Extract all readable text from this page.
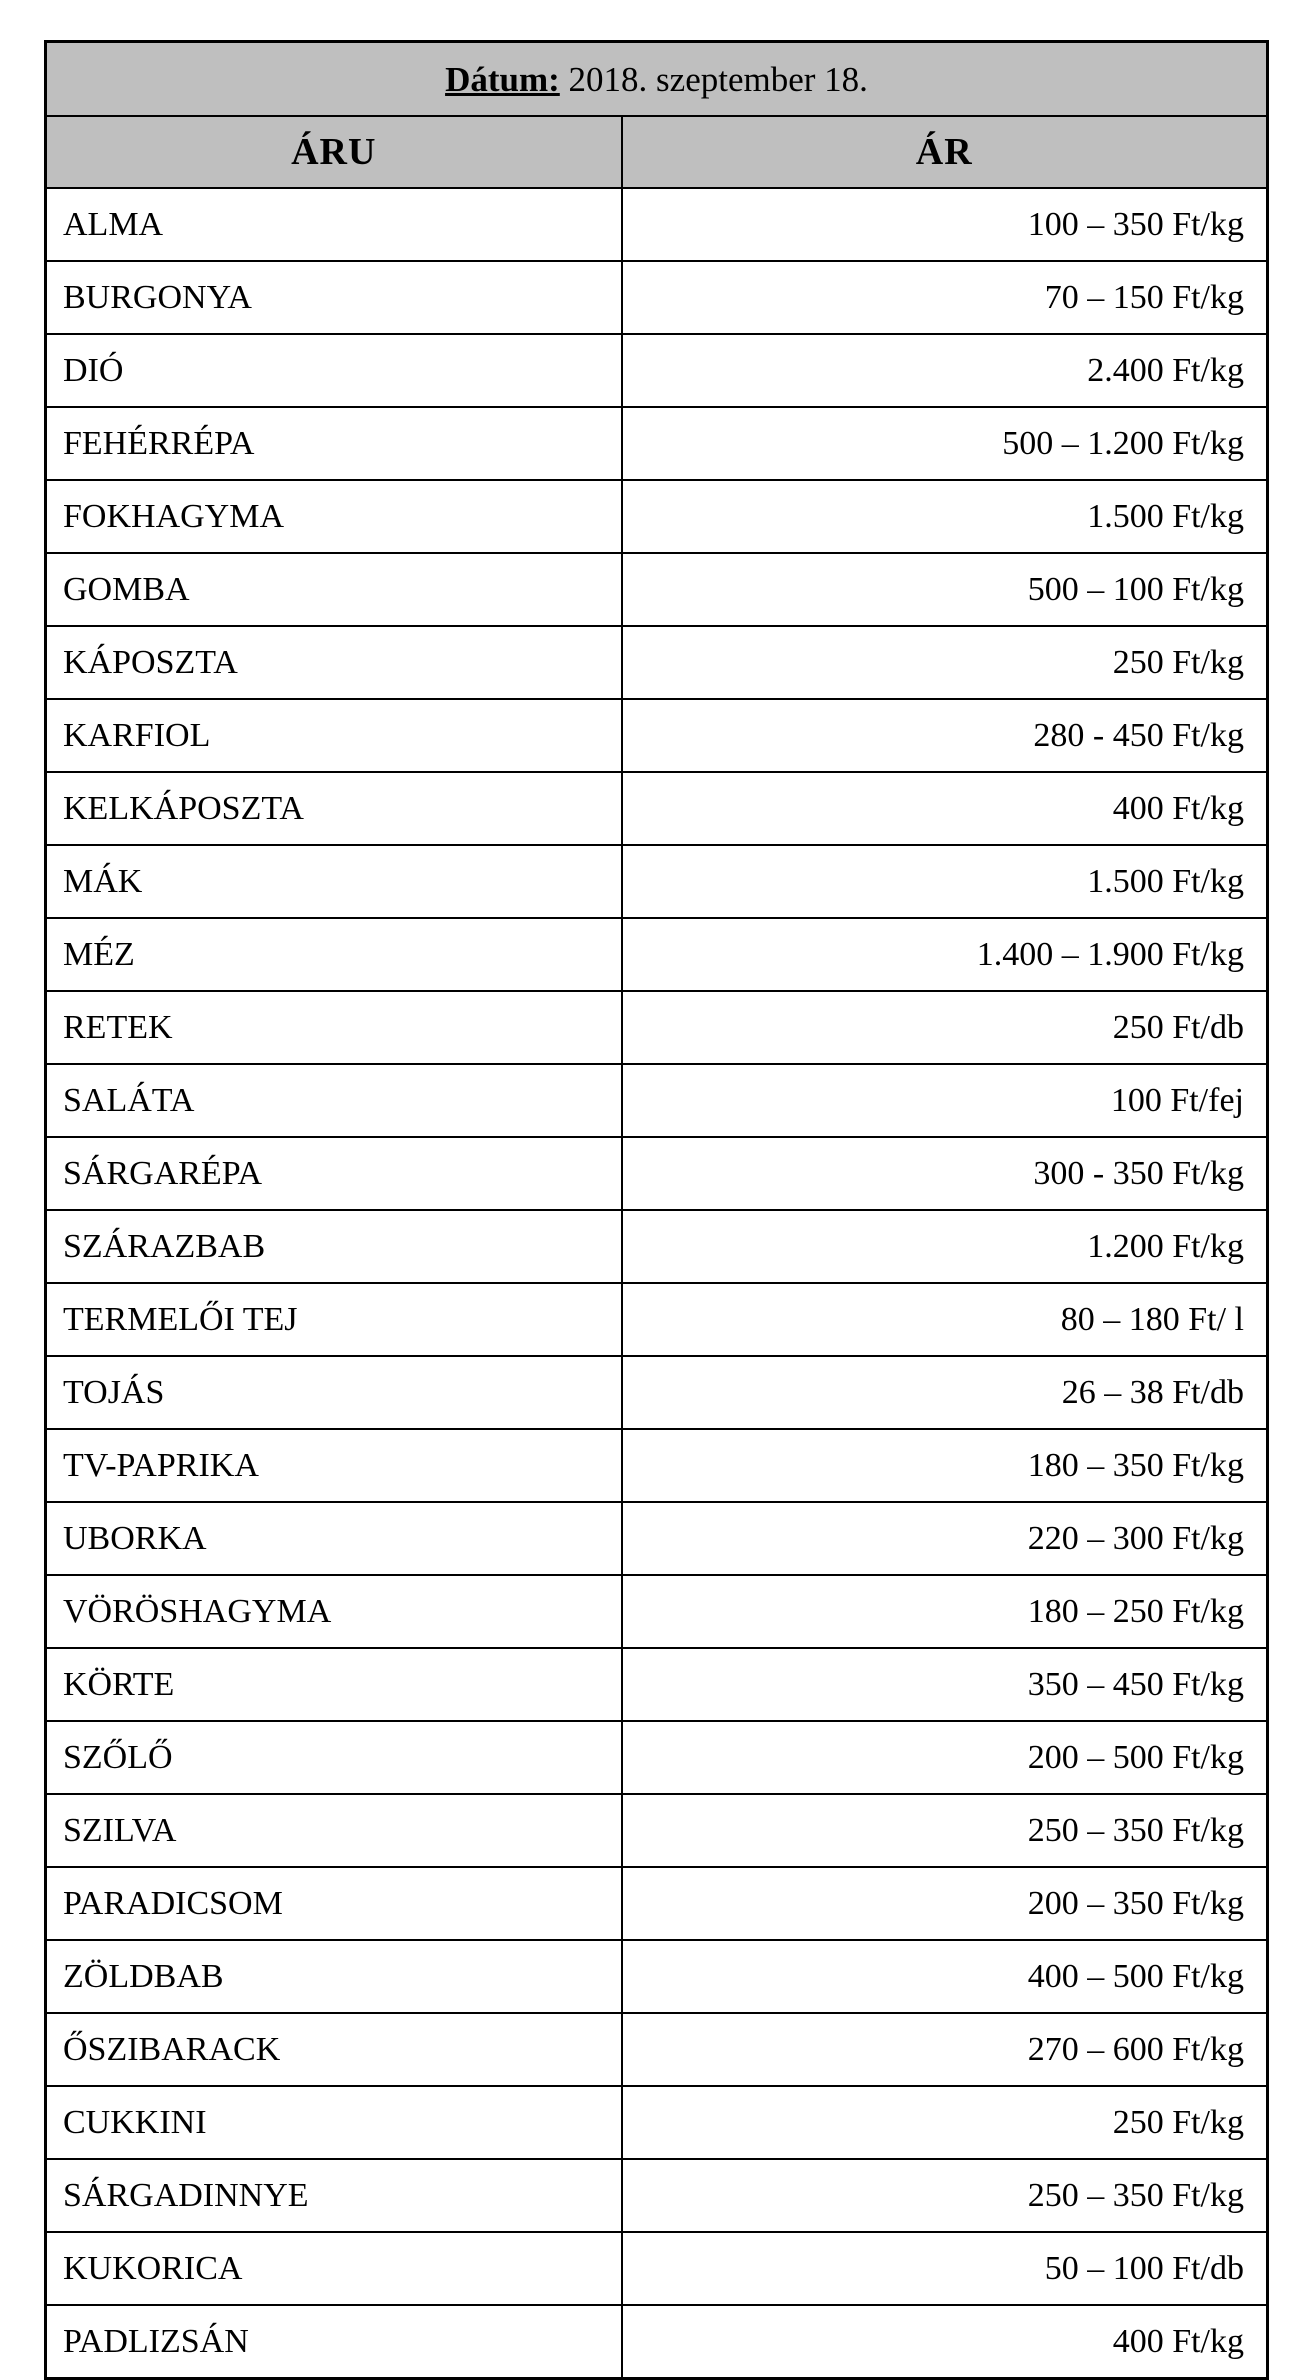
Dátum: 2018. szeptember 18.	
ÁRU	ÁR
ALMA	100 – 350 Ft/kg
BURGONYA	70 – 150 Ft/kg
DIÓ	2.400 Ft/kg
FEHÉRRÉPA	500 – 1.200 Ft/kg
FOKHAGYMA	1.500 Ft/kg
GOMBA	500 – 100 Ft/kg
KÁPOSZTA	250 Ft/kg
KARFIOL	280 - 450 Ft/kg
KELKÁPOSZTA	400 Ft/kg
MÁK	1.500 Ft/kg
MÉZ	1.400 – 1.900 Ft/kg
RETEK	250 Ft/db
SALÁTA	100 Ft/fej
SÁRGARÉPA	300 - 350 Ft/kg
SZÁRAZBAB	1.200 Ft/kg
TERMELŐI TEJ	80 – 180 Ft/ l
TOJÁS	26 – 38 Ft/db
TV-PAPRIKA	180 – 350 Ft/kg
UBORKA	220 – 300 Ft/kg
VÖRÖSHAGYMA	180 – 250 Ft/kg
KÖRTE	350 – 450 Ft/kg
SZŐLŐ	200 – 500 Ft/kg
SZILVA	250 – 350 Ft/kg
PARADICSOM	200 – 350 Ft/kg
ZÖLDBAB	400 – 500 Ft/kg
ŐSZIBARACK	270 – 600 Ft/kg
CUKKINI	250 Ft/kg
SÁRGADINNYE	250 – 350 Ft/kg
KUKORICA	50 – 100 Ft/db
PADLIZSÁN	400 Ft/kg
